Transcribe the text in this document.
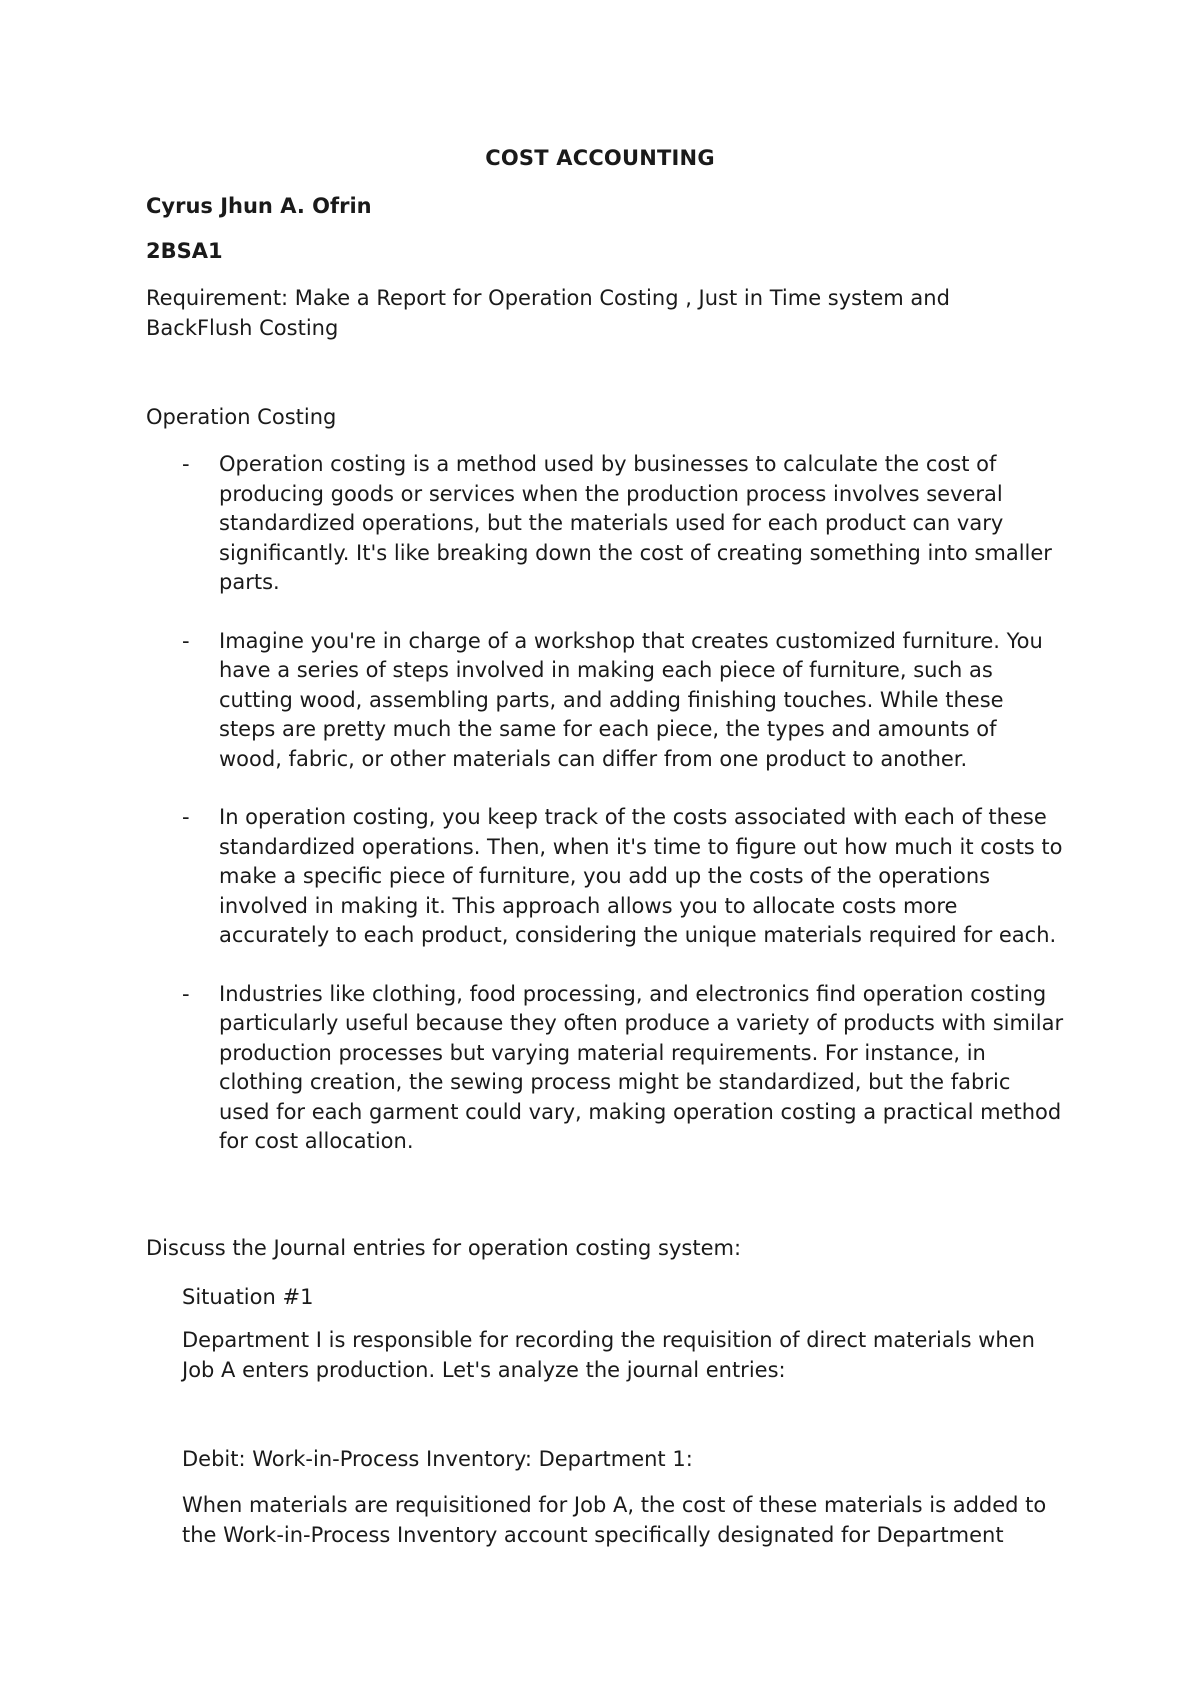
COST ACCOUNTING
Cyrus Jhun A. Ofrin
2BSA1
Requirement: Make a Report for Operation Costing , Just in Time system and BackFlush Costing
Operation Costing
- Operation costing is a method used by businesses to calculate the cost of producing goods or services when the production process involves several standardized operations, but the materials used for each product can vary significantly. It's like breaking down the cost of creating something into smaller parts.
- Imagine you're in charge of a workshop that creates customized furniture. You have a series of steps involved in making each piece of furniture, such as cutting wood, assembling parts, and adding finishing touches. While these steps are pretty much the same for each piece, the types and amounts of wood, fabric, or other materials can differ from one product to another.
- In operation costing, you keep track of the costs associated with each of these standardized operations. Then, when it's time to figure out how much it costs to make a specific piece of furniture, you add up the costs of the operations involved in making it. This approach allows you to allocate costs more accurately to each product, considering the unique materials required for each.
- Industries like clothing, food processing, and electronics find operation costing particularly useful because they often produce a variety of products with similar production processes but varying material requirements. For instance, in clothing creation, the sewing process might be standardized, but the fabric used for each garment could vary, making operation costing a practical method for cost allocation.
Discuss the Journal entries for operation costing system:
Situation #1
Department I is responsible for recording the requisition of direct materials when Job A enters production. Let's analyze the journal entries:
Debit: Work-in-Process Inventory: Department 1:
When materials are requisitioned for Job A, the cost of these materials is added to the Work-in-Process Inventory account specifically designated for Department
